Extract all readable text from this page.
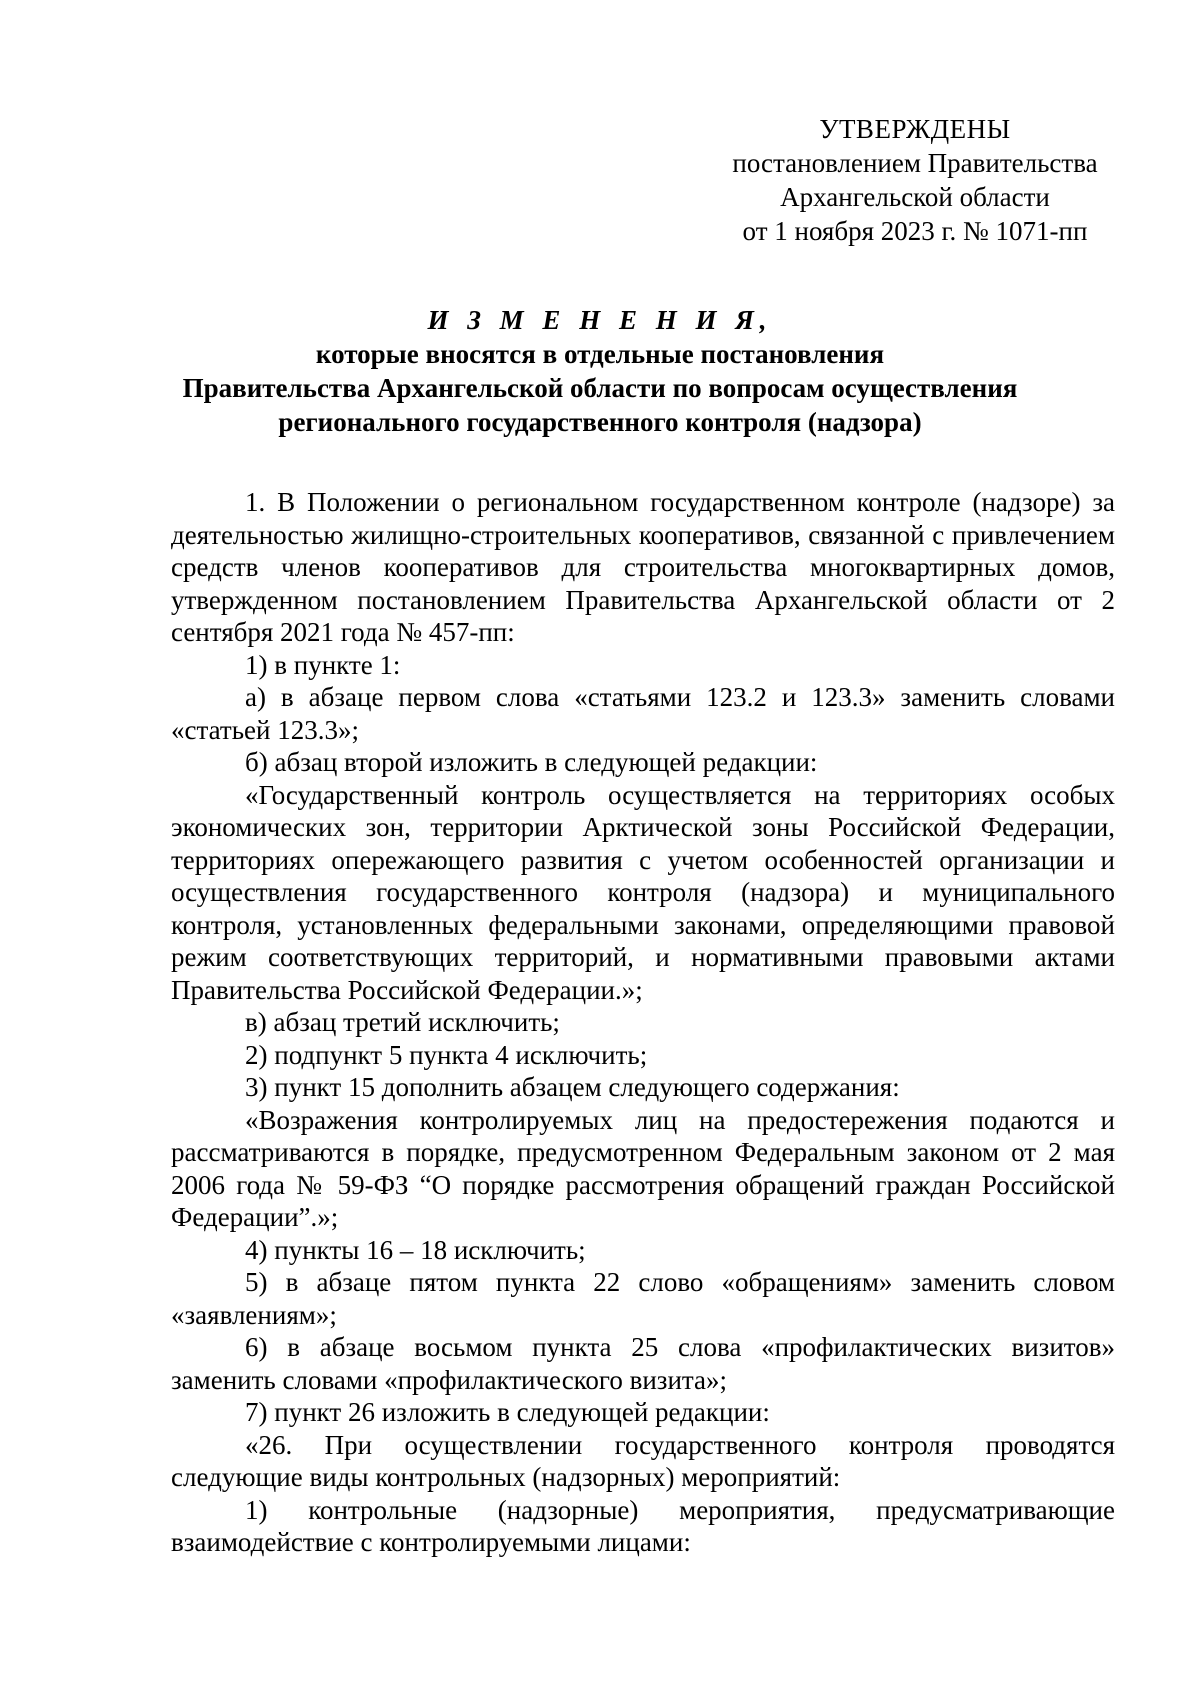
УТВЕРЖДЕНЫ
постановлением Правительства
Архангельской области
от 1 ноября 2023 г. № 1071-пп
И З М Е Н Е Н И Я,
которые вносятся в отдельные постановления
Правительства Архангельской области по вопросам осуществления
регионального государственного контроля (надзора)

1. В Положении о региональном государственном контроле (надзоре) за деятельностью жилищно-строительных кооперативов, связанной с привлечением средств членов кооперативов для строительства многоквартирных домов, утвержденном постановлением Правительства Архангельской области от 2 сентября 2021 года № 457-пп:

1) в пункте 1:

а) в абзаце первом слова «статьями 123.2 и 123.3» заменить словами «статьей 123.3»;

б) абзац второй изложить в следующей редакции:

«Государственный контроль осуществляется на территориях особых экономических зон, территории Арктической зоны Российской Федерации, территориях опережающего развития с учетом особенностей организации и осуществления государственного контроля (надзора) и муниципального контроля, установленных федеральными законами, определяющими правовой режим соответствующих территорий, и нормативными правовыми актами Правительства Российской Федерации.»;

в) абзац третий исключить;

2) подпункт 5 пункта 4 исключить;

3) пункт 15 дополнить абзацем следующего содержания:

«Возражения контролируемых лиц на предостережения подаются и рассматриваются в порядке, предусмотренном Федеральным законом от 2 мая 2006 года № 59-ФЗ “О порядке рассмотрения обращений граждан Российской Федерации”.»;

4) пункты 16 – 18 исключить;

5) в абзаце пятом пункта 22 слово «обращениям» заменить словом «заявлениям»;

6) в абзаце восьмом пункта 25 слова «профилактических визитов» заменить словами «профилактического визита»;

7) пункт 26 изложить в следующей редакции:

«26. При осуществлении государственного контроля проводятся следующие виды контрольных (надзорных) мероприятий:

1) контрольные (надзорные) мероприятия, предусматривающие взаимодействие с контролируемыми лицами:
